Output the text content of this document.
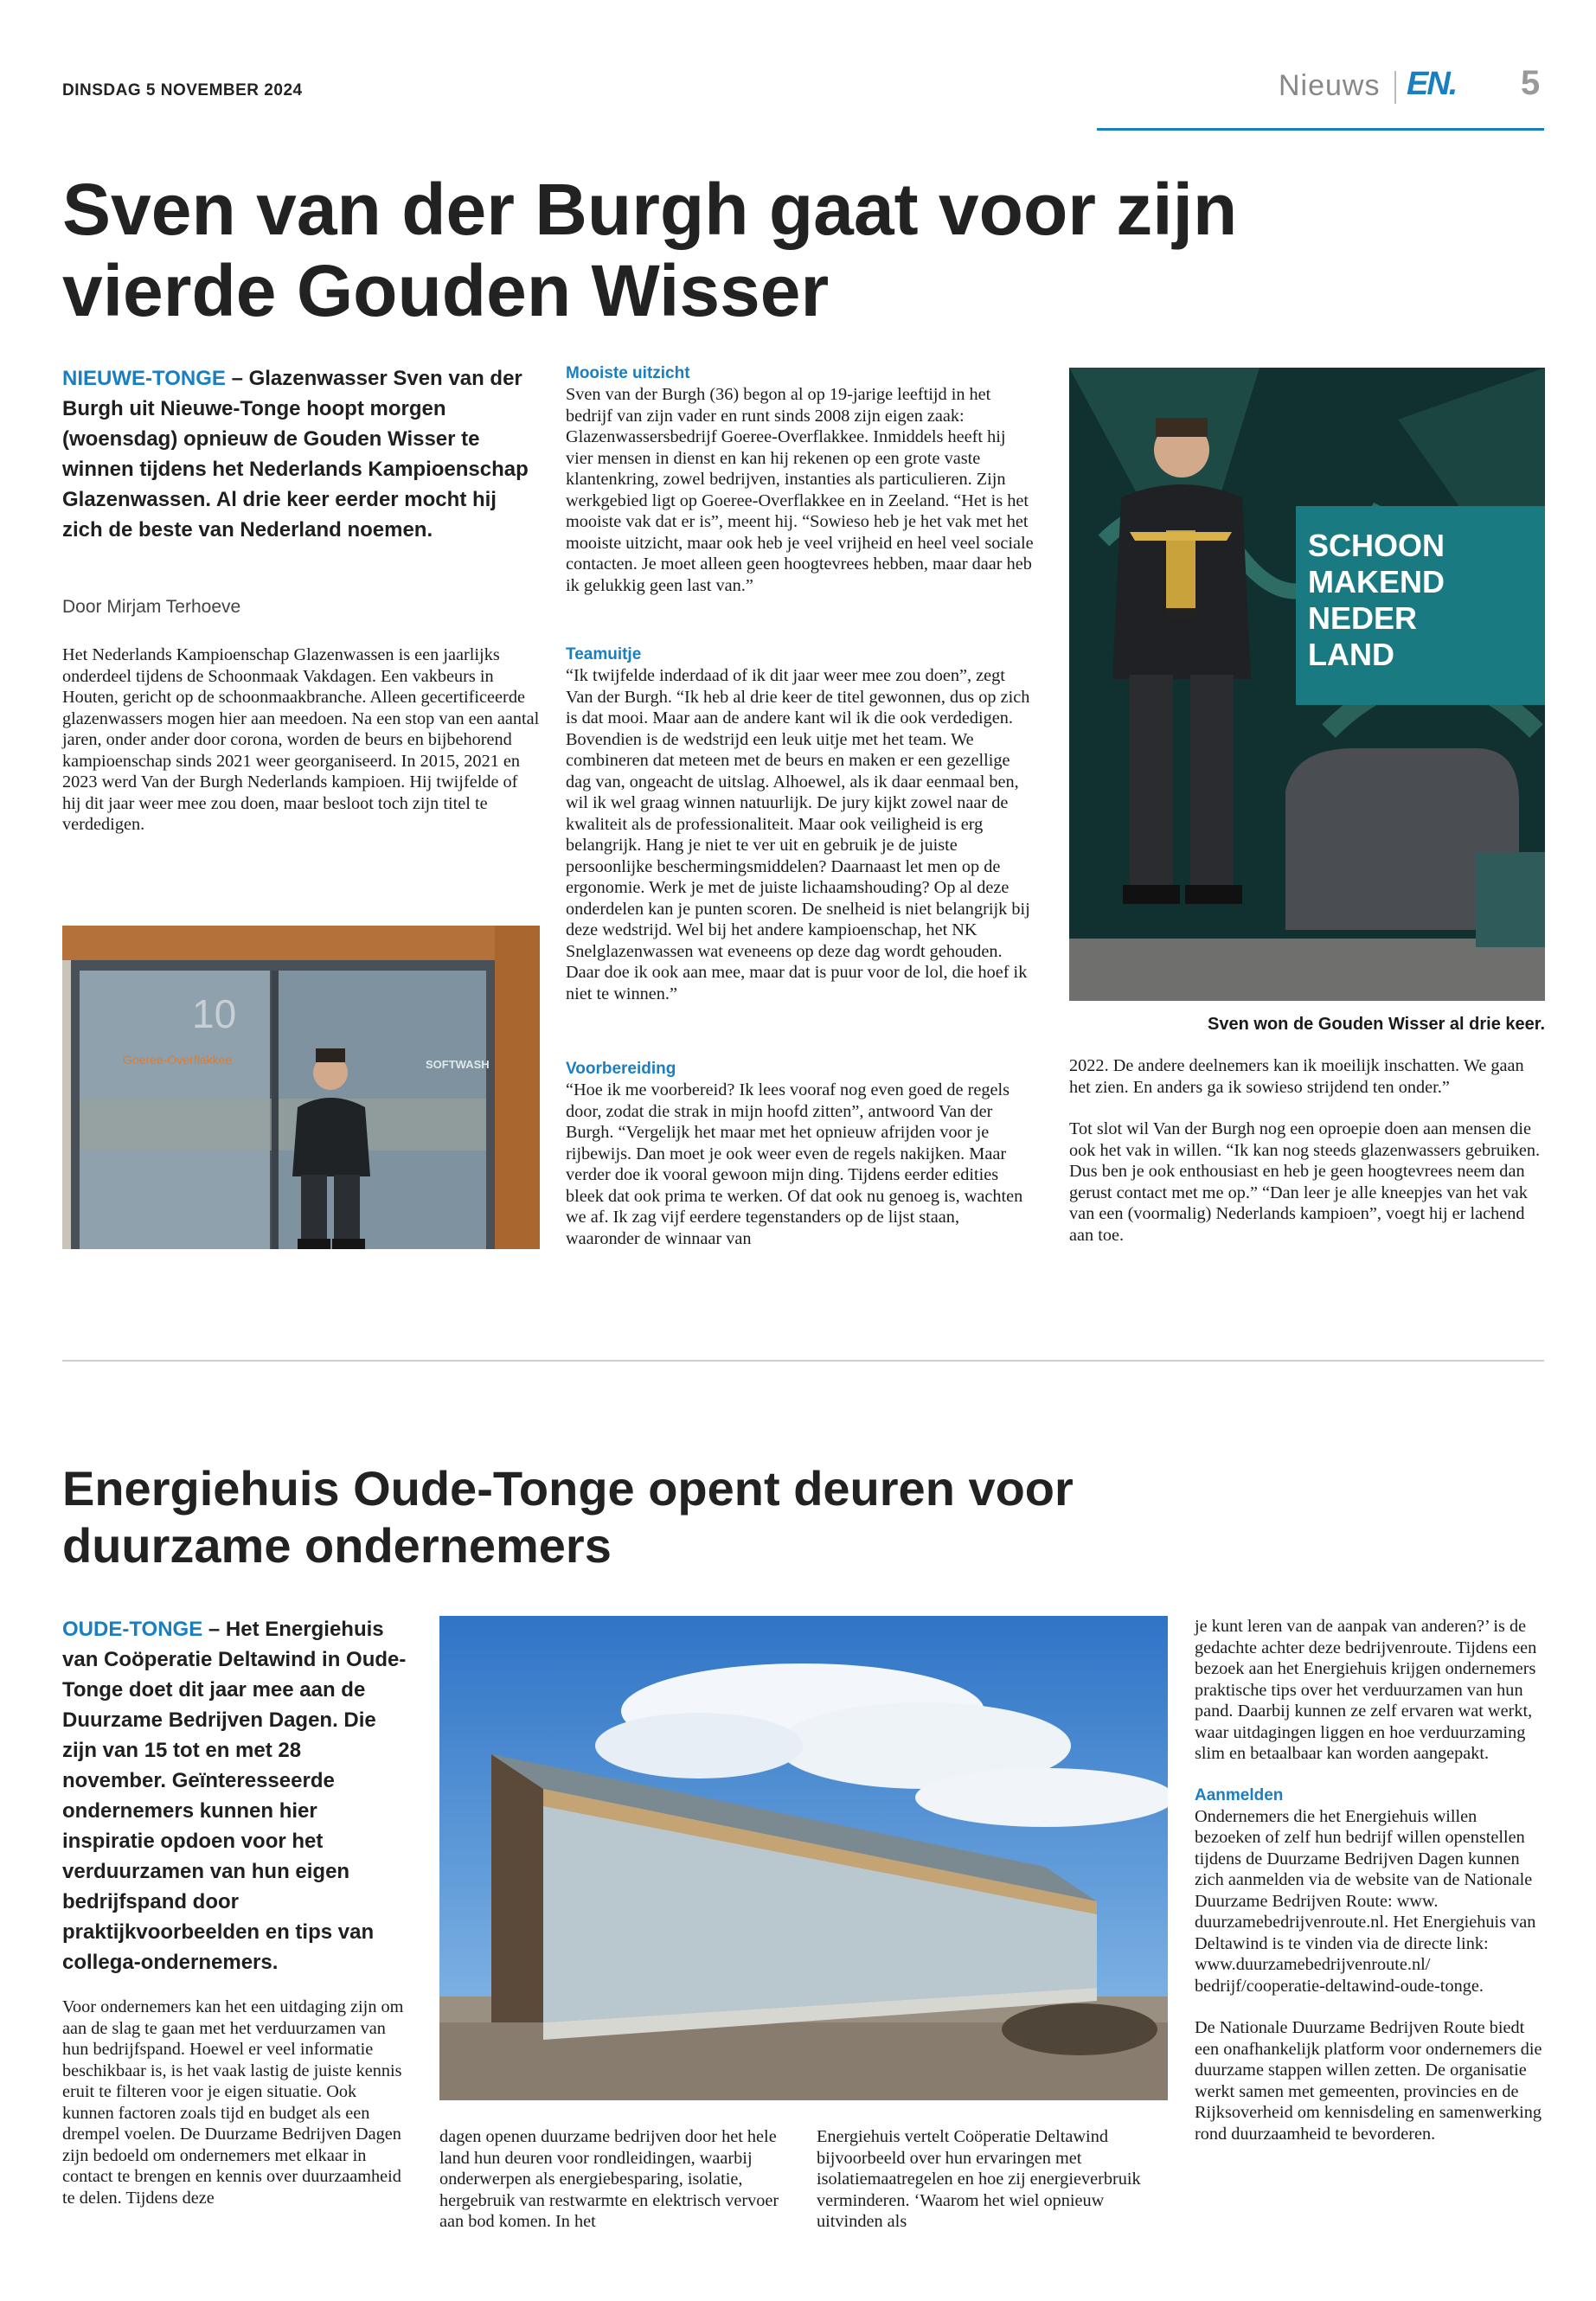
DINSDAG 5 NOVEMBER 2024	Nieuws EN. 5
Sven van der Burgh gaat voor zijn vierde Gouden Wisser
NIEUWE-TONGE – Glazenwasser Sven van der Burgh uit Nieuwe-Tonge hoopt morgen (woensdag) opnieuw de Gouden Wisser te winnen tijdens het Nederlands Kampioenschap Glazenwassen. Al drie keer eerder mocht hij zich de beste van Nederland noemen.
Door Mirjam Terhoeve

Het Nederlands Kampioenschap Glazenwassen is een jaarlijks onderdeel tijdens de Schoonmaak Vakdagen. Een vakbeurs in Houten, gericht op de schoonmaakbranche. Alleen gecertificeerde glazenwassers mogen hier aan meedoen. Na een stop van een aantal jaren, onder ander door corona, worden de beurs en bijbehorend kampioenschap sinds 2021 weer georganiseerd. In 2015, 2021 en 2023 werd Van der Burgh Nederlands kampioen. Hij twijfelde of hij dit jaar weer mee zou doen, maar besloot toch zijn titel te verdedigen.

10
Goeree-Overflakkee	SOFTWASH

Mooiste uitzicht

Sven van der Burgh (36) begon al op 19-jarige leeftijd in het bedrijf van zijn vader en runt sinds 2008 zijn eigen zaak: Glazenwassersbedrijf Goeree-Overflakkee. Inmiddels heeft hij vier mensen in dienst en kan hij rekenen op een grote vaste klantenkring, zowel bedrijven, instanties als particulieren. Zijn werkgebied ligt op Goeree-Overflakkee en in Zeeland. “Het is het mooiste vak dat er is”, meent hij. “Sowieso heb je het vak met het mooiste uitzicht, maar ook heb je veel vrijheid en heel veel sociale contacten. Je moet alleen geen hoogtevrees hebben, maar daar heb ik gelukkig geen last van.”

Teamuitje

“Ik twijfelde inderdaad of ik dit jaar weer mee zou doen”, zegt Van der Burgh. “Ik heb al drie keer de titel gewonnen, dus op zich is dat mooi. Maar aan de andere kant wil ik die ook verdedigen. Bovendien is de wedstrijd een leuk uitje met het team. We combineren dat meteen met de beurs en maken er een gezellige dag van, ongeacht de uitslag. Alhoewel, als ik daar eenmaal ben, wil ik wel graag winnen natuurlijk. De jury kijkt zowel naar de kwaliteit als de professionaliteit. Maar ook veiligheid is erg belangrijk. Hang je niet te ver uit en gebruik je de juiste persoonlijke beschermingsmiddelen? Daarnaast let men op de ergonomie. Werk je met de juiste lichaamshouding? Op al deze onderdelen kan je punten scoren. De snelheid is niet belangrijk bij deze wedstrijd. Wel bij het andere kampioenschap, het NK Snelglazenwassen wat eveneens op deze dag wordt gehouden. Daar doe ik ook aan mee, maar dat is puur voor de lol, die hoef ik niet te winnen.”

Voorbereiding

“Hoe ik me voorbereid? Ik lees vooraf nog even goed de regels door, zodat die strak in mijn hoofd zitten”, antwoord Van der Burgh. “Vergelijk het maar met het opnieuw afrijden voor je rijbewijs. Dan moet je ook weer even de regels nakijken. Maar verder doe ik vooral gewoon mijn ding. Tijdens eerder edities bleek dat ook prima te werken. Of dat ook nu genoeg is, wachten we af. Ik zag vijf eerdere tegenstanders op de lijst staan, waaronder de winnaar van

SCHOON
MAKEND
NEDER
LAND
Sven won de Gouden Wisser al drie keer.

2022. De andere deelnemers kan ik moeilijk inschatten. We gaan het zien. En anders ga ik sowieso strijdend ten onder.”

Tot slot wil Van der Burgh nog een oproepie doen aan mensen die ook het vak in willen. “Ik kan nog steeds glazenwassers gebruiken. Dus ben je ook enthousiast en heb je geen hoogtevrees neem dan gerust contact met me op.” “Dan leer je alle kneepjes van het vak van een (voormalig) Nederlands kampioen”, voegt hij er lachend aan toe.

Energiehuis Oude-Tonge opent deuren voor duurzame ondernemers
OUDE-TONGE – Het Energiehuis van Coöperatie Deltawind in Oude-Tonge doet dit jaar mee aan de Duurzame Bedrijven Dagen. Die zijn van 15 tot en met 28 november. Geïnteresseerde ondernemers kunnen hier inspiratie opdoen voor het verduurzamen van hun eigen bedrijfspand door praktijkvoorbeelden en tips van collega-ondernemers.

Voor ondernemers kan het een uitdaging zijn om aan de slag te gaan met het verduurzamen van hun bedrijfspand. Hoewel er veel informatie beschikbaar is, is het vaak lastig de juiste kennis eruit te filteren voor je eigen situatie. Ook kunnen factoren zoals tijd en budget als een drempel voelen. De Duurzame Bedrijven Dagen zijn bedoeld om ondernemers met elkaar in contact te brengen en kennis over duurzaamheid te delen. Tijdens deze

dagen openen duurzame bedrijven door het hele land hun deuren voor rondleidingen, waarbij onderwerpen als energiebesparing, isolatie, hergebruik van restwarmte en elektrisch vervoer aan bod komen. In het

Energiehuis vertelt Coöperatie Deltawind bijvoorbeeld over hun ervaringen met isolatiemaatregelen en hoe zij energieverbruik verminderen. ‘Waarom het wiel opnieuw uitvinden als

je kunt leren van de aanpak van anderen?’ is de gedachte achter deze bedrijvenroute. Tijdens een bezoek aan het Energiehuis krijgen ondernemers praktische tips over het verduurzamen van hun pand. Daarbij kunnen ze zelf ervaren wat werkt, waar uitdagingen liggen en hoe verduurzaming slim en betaalbaar kan worden aangepakt.

Aanmelden

Ondernemers die het Energiehuis willen bezoeken of zelf hun bedrijf willen openstellen tijdens de Duurzame Bedrijven Dagen kunnen zich aanmelden via de website van de Nationale Duurzame Bedrijven Route: www. duurzamebedrijvenroute.nl. Het Energiehuis van Deltawind is te vinden via de directe link: www.duurzamebedrijvenroute.nl/ bedrijf/cooperatie-deltawind-oude-tonge.

De Nationale Duurzame Bedrijven Route biedt een onafhankelijk platform voor ondernemers die duurzame stappen willen zetten. De organisatie werkt samen met gemeenten, provincies en de Rijksoverheid om kennisdeling en samenwerking rond duurzaamheid te bevorderen.
